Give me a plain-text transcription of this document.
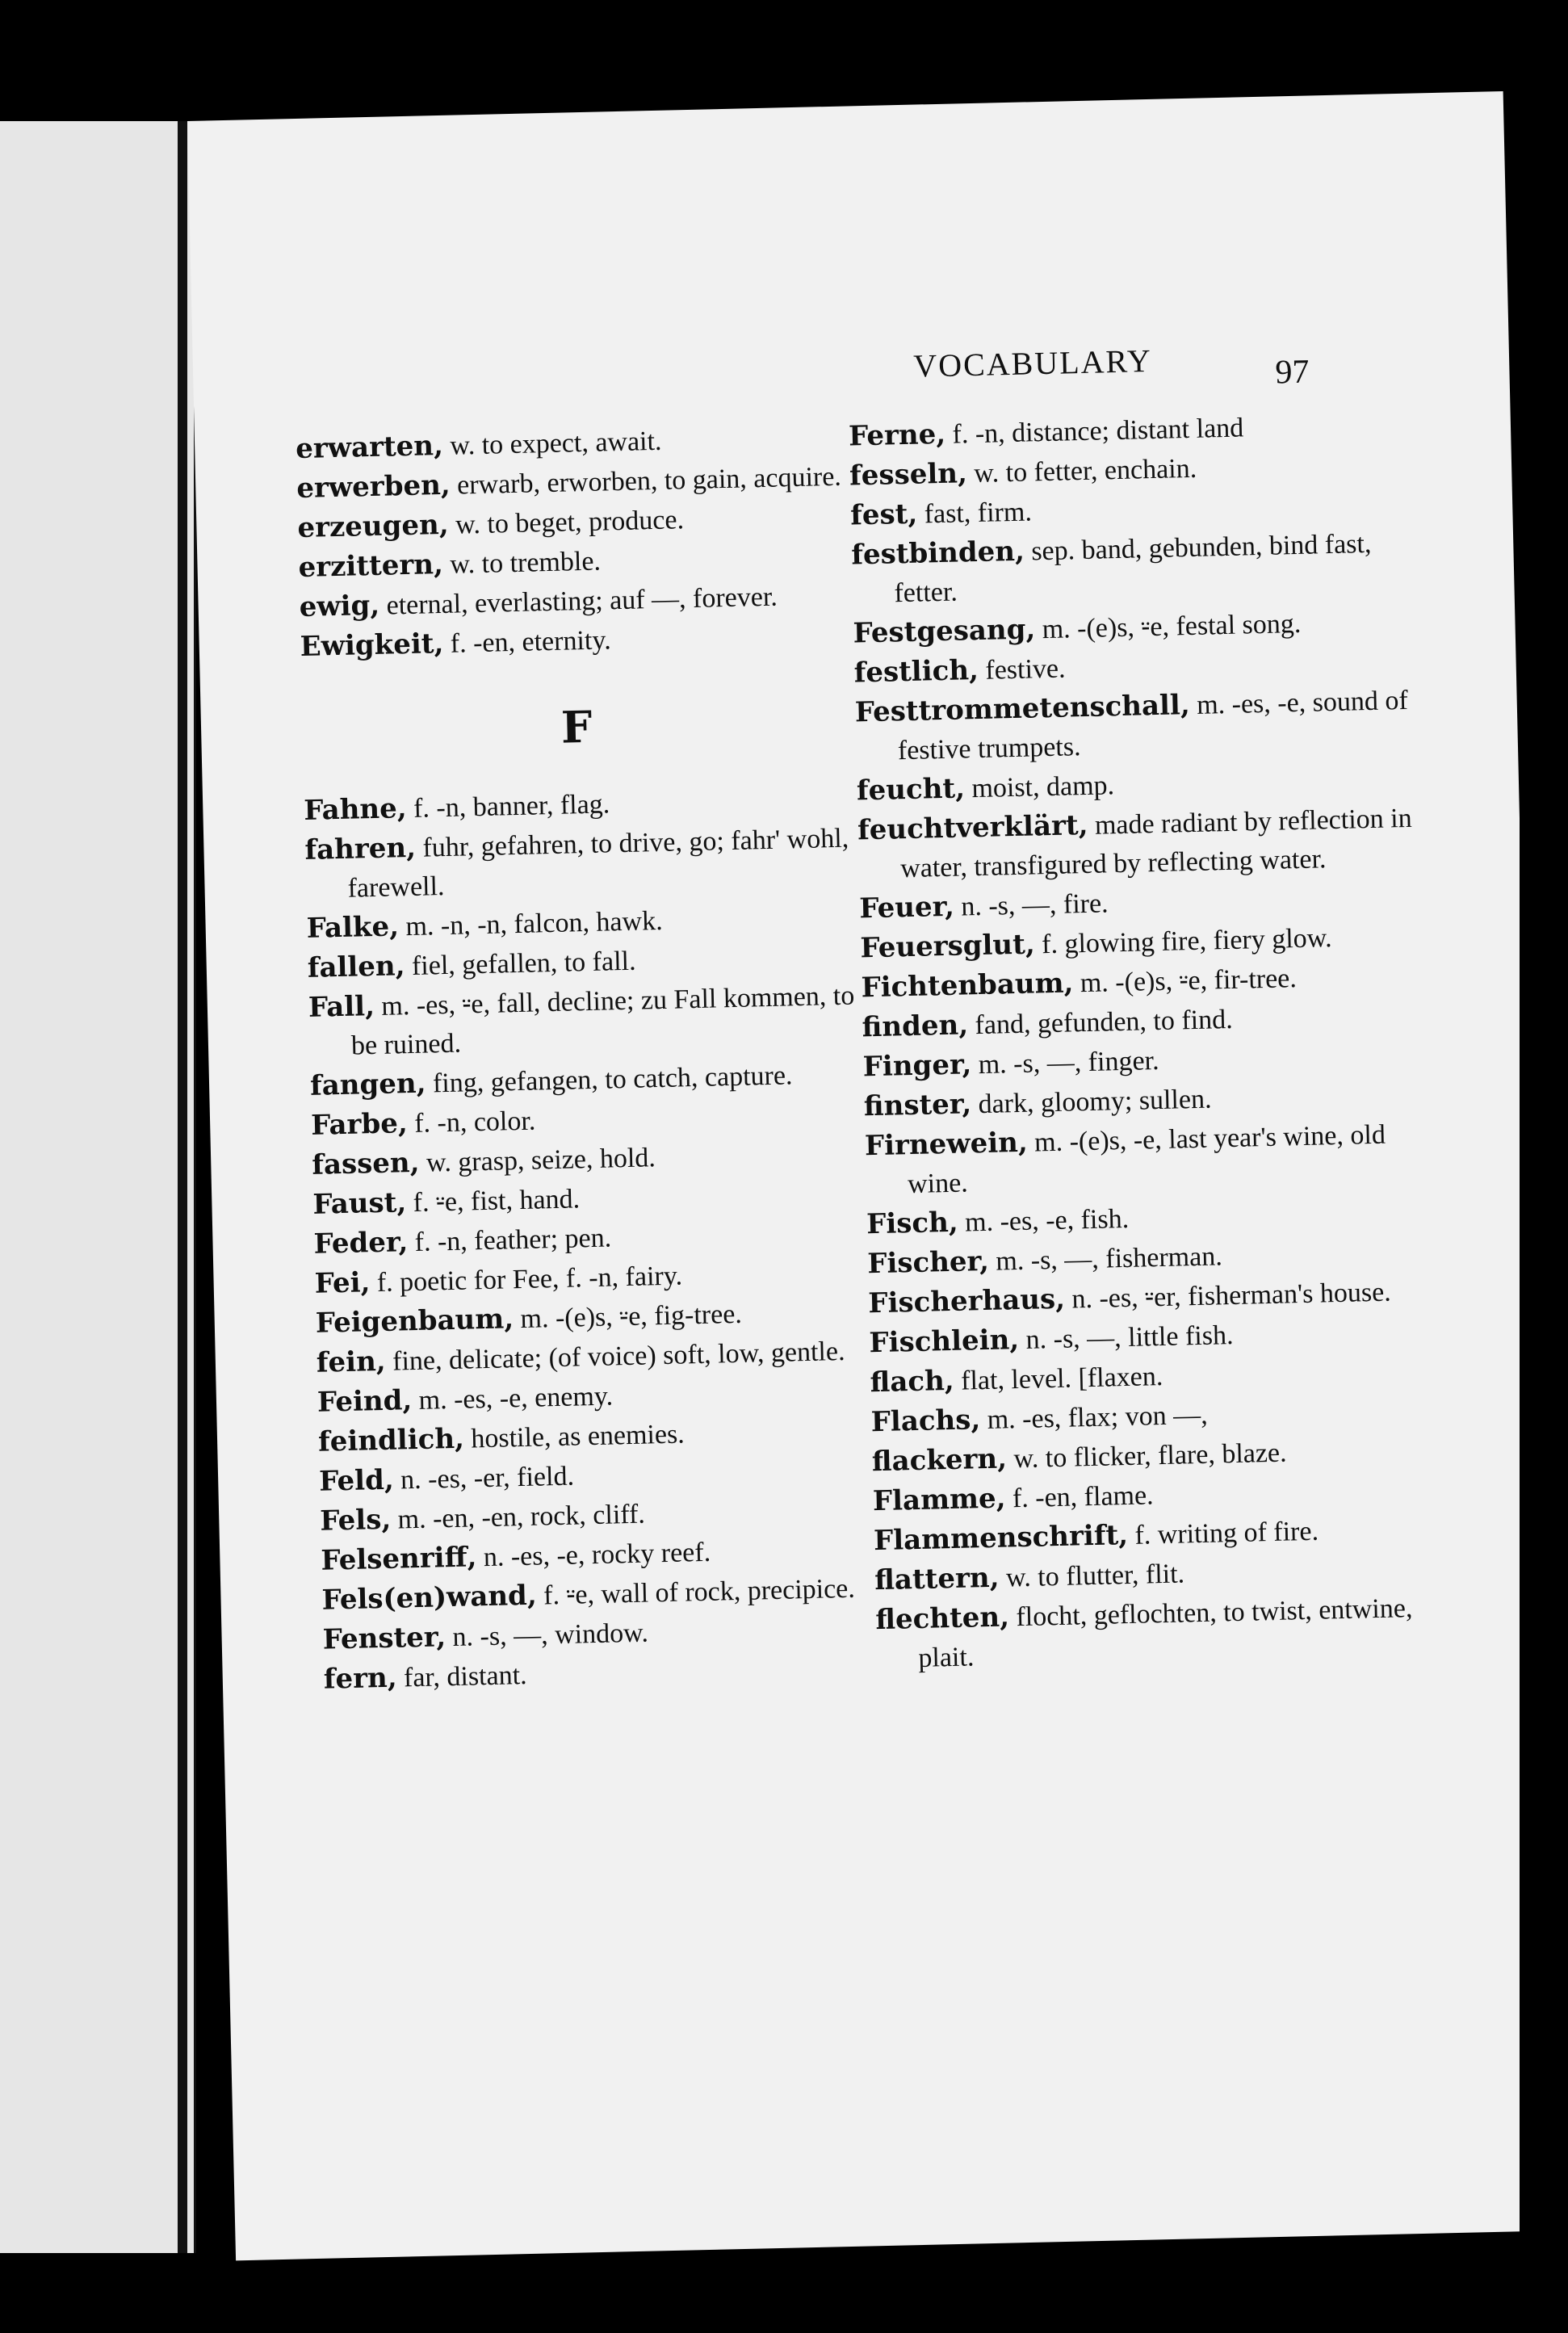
VOCABULARY	97
erwarten, w. to expect, await.
erwerben, erwarb, erworben, to gain, acquire.
erzeugen, w. to beget, produce.
erzittern, w. to tremble.
ewig, eternal, everlasting; auf —, forever.
Ewigkeit, f. -en, eternity.
F
Fahne, f. -n, banner, flag.
fahren, fuhr, gefahren, to drive, go; fahr' wohl, farewell.
Falke, m. -n, -n, falcon, hawk.
fallen, fiel, gefallen, to fall.
Fall, m. -es, ⸚e, fall, decline; zu Fall kommen, to be ruined.
fangen, fing, gefangen, to catch, capture.
Farbe, f. -n, color.
fassen, w. grasp, seize, hold.
Faust, f. ⸚e, fist, hand.
Feder, f. -n, feather; pen.
Fei, f. poetic for Fee, f. -n, fairy.
Feigenbaum, m. -(e)s, ⸚e, fig-tree.
fein, fine, delicate; (of voice) soft, low, gentle.
Feind, m. -es, -e, enemy.
feindlich, hostile, as enemies.
Feld, n. -es, -er, field.
Fels, m. -en, -en, rock, cliff.
Felsenriff, n. -es, -e, rocky reef.
Fels(en)wand, f. ⸚e, wall of rock, precipice.
Fenster, n. -s, —, window.
fern, far, distant.
Ferne, f. -n, distance; distant land
fesseln, w. to fetter, enchain.
fest, fast, firm.
festbinden, sep. band, gebunden, bind fast, fetter.
Festgesang, m. -(e)s, ⸚e, festal song.
festlich, festive.
Festtrommetenschall, m. -es, -e, sound of festive trumpets.
feucht, moist, damp.
feuchtverklärt, made radiant by reflection in water, transfigured by reflecting water.
Feuer, n. -s, —, fire.
Feuersglut, f. glowing fire, fiery glow.
Fichtenbaum, m. -(e)s, ⸚e, fir-tree.
finden, fand, gefunden, to find.
Finger, m. -s, —, finger.
finster, dark, gloomy; sullen.
Firnewein, m. -(e)s, -e, last year's wine, old wine.
Fisch, m. -es, -e, fish.
Fischer, m. -s, —, fisherman.
Fischerhaus, n. -es, ⸚er, fisherman's house.
Fischlein, n. -s, —, little fish.
flach, flat, level. [flaxen.
Flachs, m. -es, flax; von —,
flackern, w. to flicker, flare, blaze.
Flamme, f. -en, flame.
Flammenschrift, f. writing of fire.
flattern, w. to flutter, flit.
flechten, flocht, geflochten, to twist, entwine, plait.
